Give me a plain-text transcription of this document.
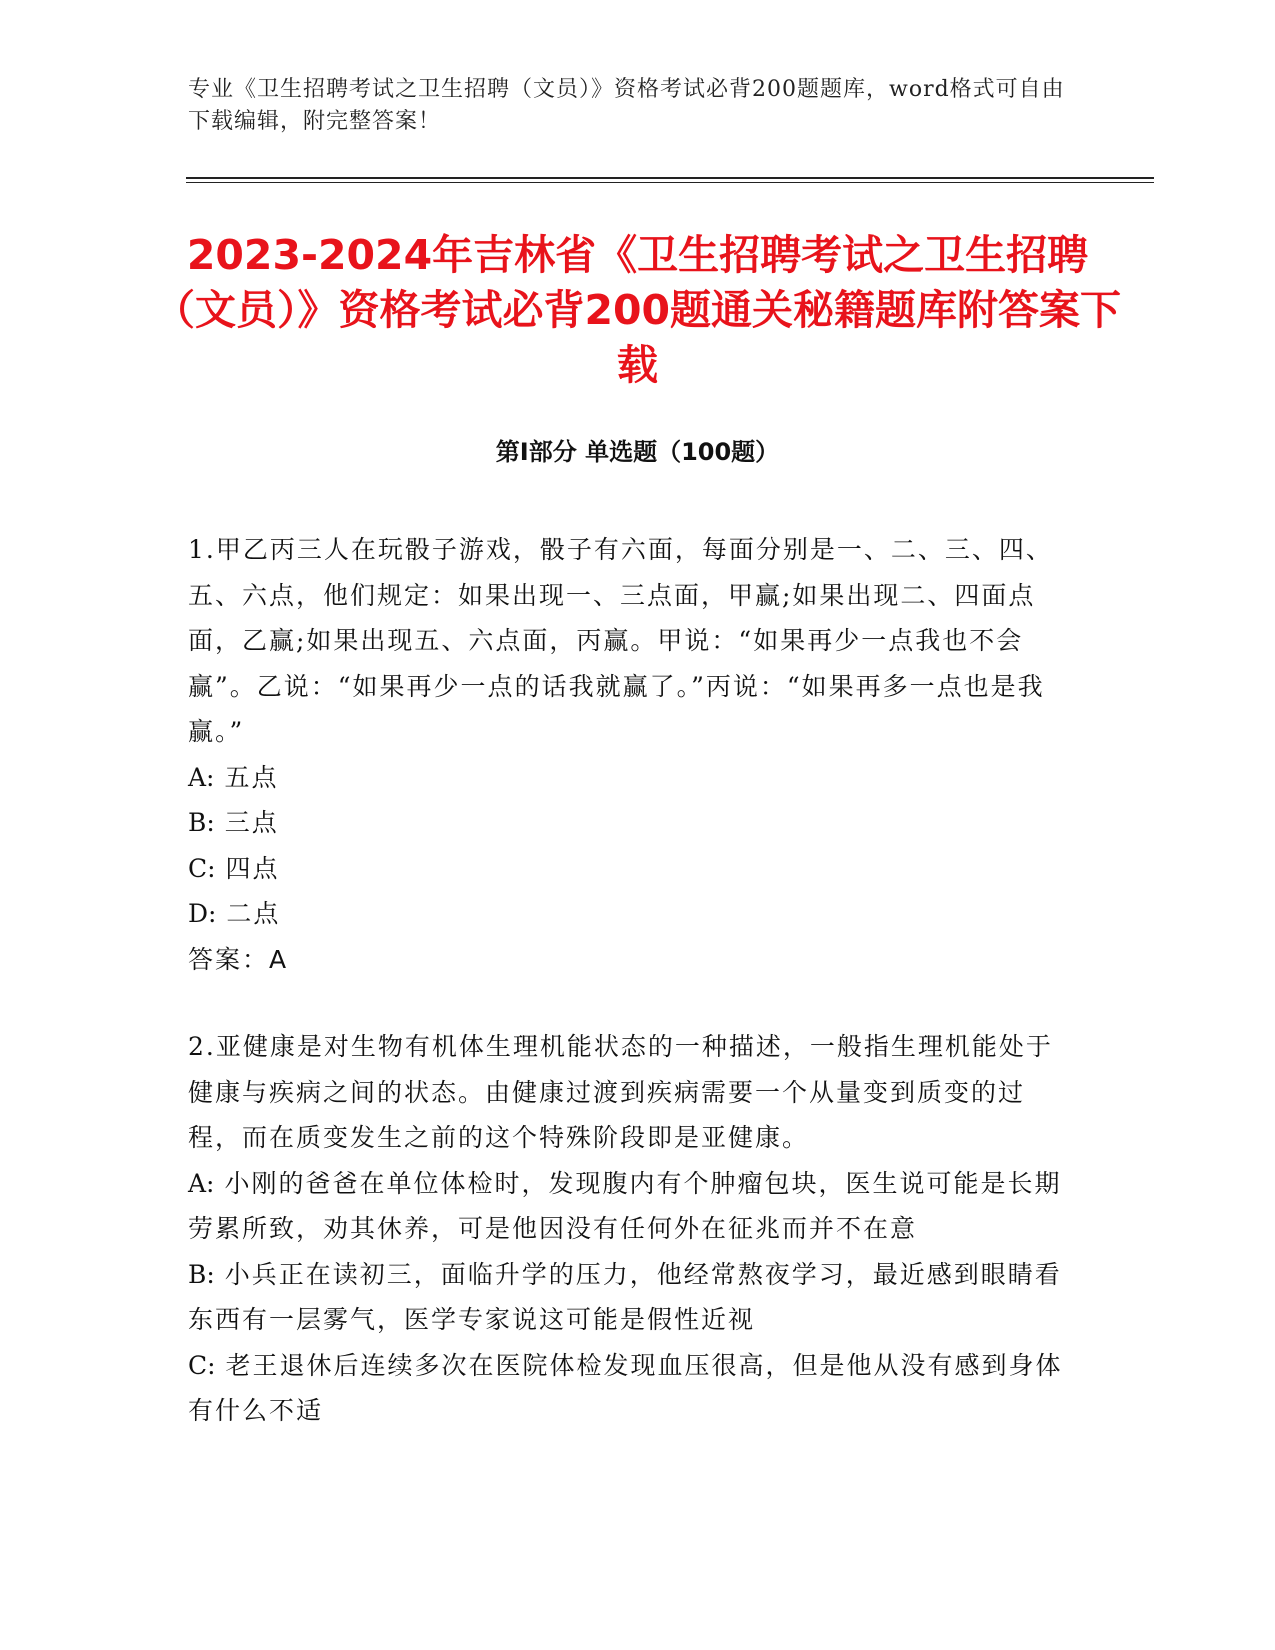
专业《卫生招聘考试之卫生招聘（文员）》资格考试必背200题题库，word格式可自由下载编辑，附完整答案！
2023-2024年吉林省《卫生招聘考试之卫生招聘（文员）》资格考试必背200题通关秘籍题库附答案下载
第Ⅰ部分 单选题（100题）

1.甲乙丙三人在玩骰子游戏，骰子有六面，每面分别是一、二、三、四、五、六点，他们规定：如果出现一、三点面，甲赢;如果出现二、四面点面，乙赢;如果出现五、六点面，丙赢。甲说：“如果再少一点我也不会赢”。乙说：“如果再少一点的话我就赢了。”丙说：“如果再多一点也是我赢。”

A: 五点

B: 三点

C: 四点

D: 二点

答案：A

2.亚健康是对生物有机体生理机能状态的一种描述，一般指生理机能处于健康与疾病之间的状态。由健康过渡到疾病需要一个从量变到质变的过程，而在质变发生之前的这个特殊阶段即是亚健康。

A: 小刚的爸爸在单位体检时，发现腹内有个肿瘤包块，医生说可能是长期劳累所致，劝其休养，可是他因没有任何外在征兆而并不在意

B: 小兵正在读初三，面临升学的压力，他经常熬夜学习，最近感到眼睛看东西有一层雾气，医学专家说这可能是假性近视

C: 老王退休后连续多次在医院体检发现血压很高，但是他从没有感到身体有什么不适
